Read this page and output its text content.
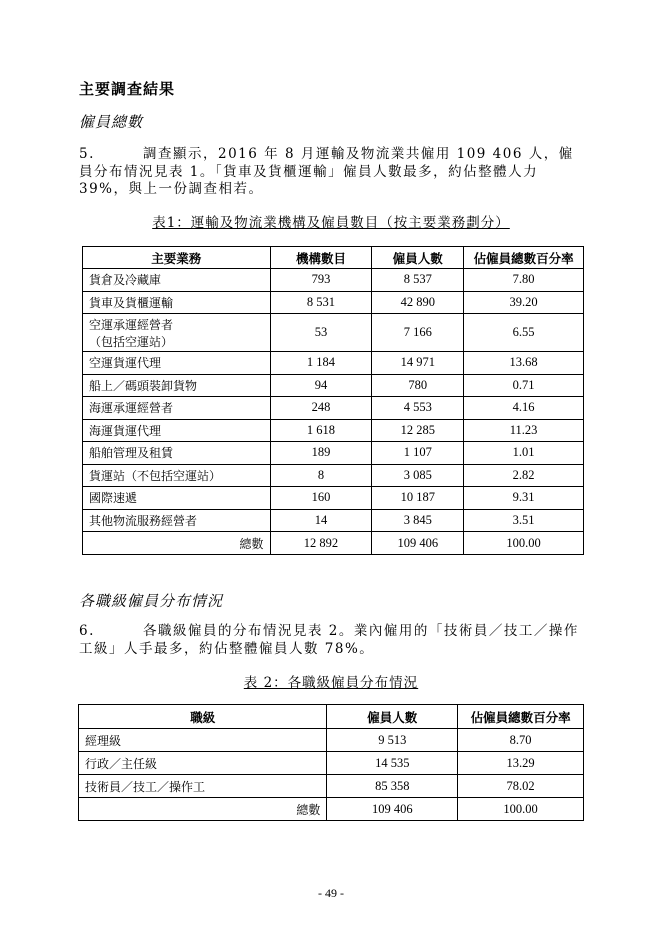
主要調查結果
僱員總數
5.	調查顯示，2016 年 8 月運輸及物流業共僱用 109 406 人，僱員分布情況見表 1。「貨車及貨櫃運輸」僱員人數最多，約佔整體人力 39%，與上一份調查相若。
表1：運輸及物流業機構及僱員數目（按主要業務劃分）
主要業務	機構數目	僱員人數	佔僱員總數百分率
貨倉及冷藏庫	793	8 537	7.80
貨車及貨櫃運輸	8 531	42 890	39.20
空運承運經營者
（包括空運站）	53	7 166	6.55
空運貨運代理	1 184	14 971	13.68
船上／碼頭裝卸貨物	94	780	0.71
海運承運經營者	248	4 553	4.16
海運貨運代理	1 618	12 285	11.23
船舶管理及租賃	189	1 107	1.01
貨運站（不包括空運站）	8	3 085	2.82
國際速遞	160	10 187	9.31
其他物流服務經營者	14	3 845	3.51
總數	12 892	109 406	100.00
各職級僱員分布情況
6.	各職級僱員的分布情況見表 2。業內僱用的「技術員／技工／操作工級」人手最多，約佔整體僱員人數 78%。
表 2：各職級僱員分布情況
職級	僱員人數	佔僱員總數百分率
經理級	9 513	8.70
行政／主任級	14 535	13.29
技術員／技工／操作工	85 358	78.02
總數	109 406	100.00
- 49 -
